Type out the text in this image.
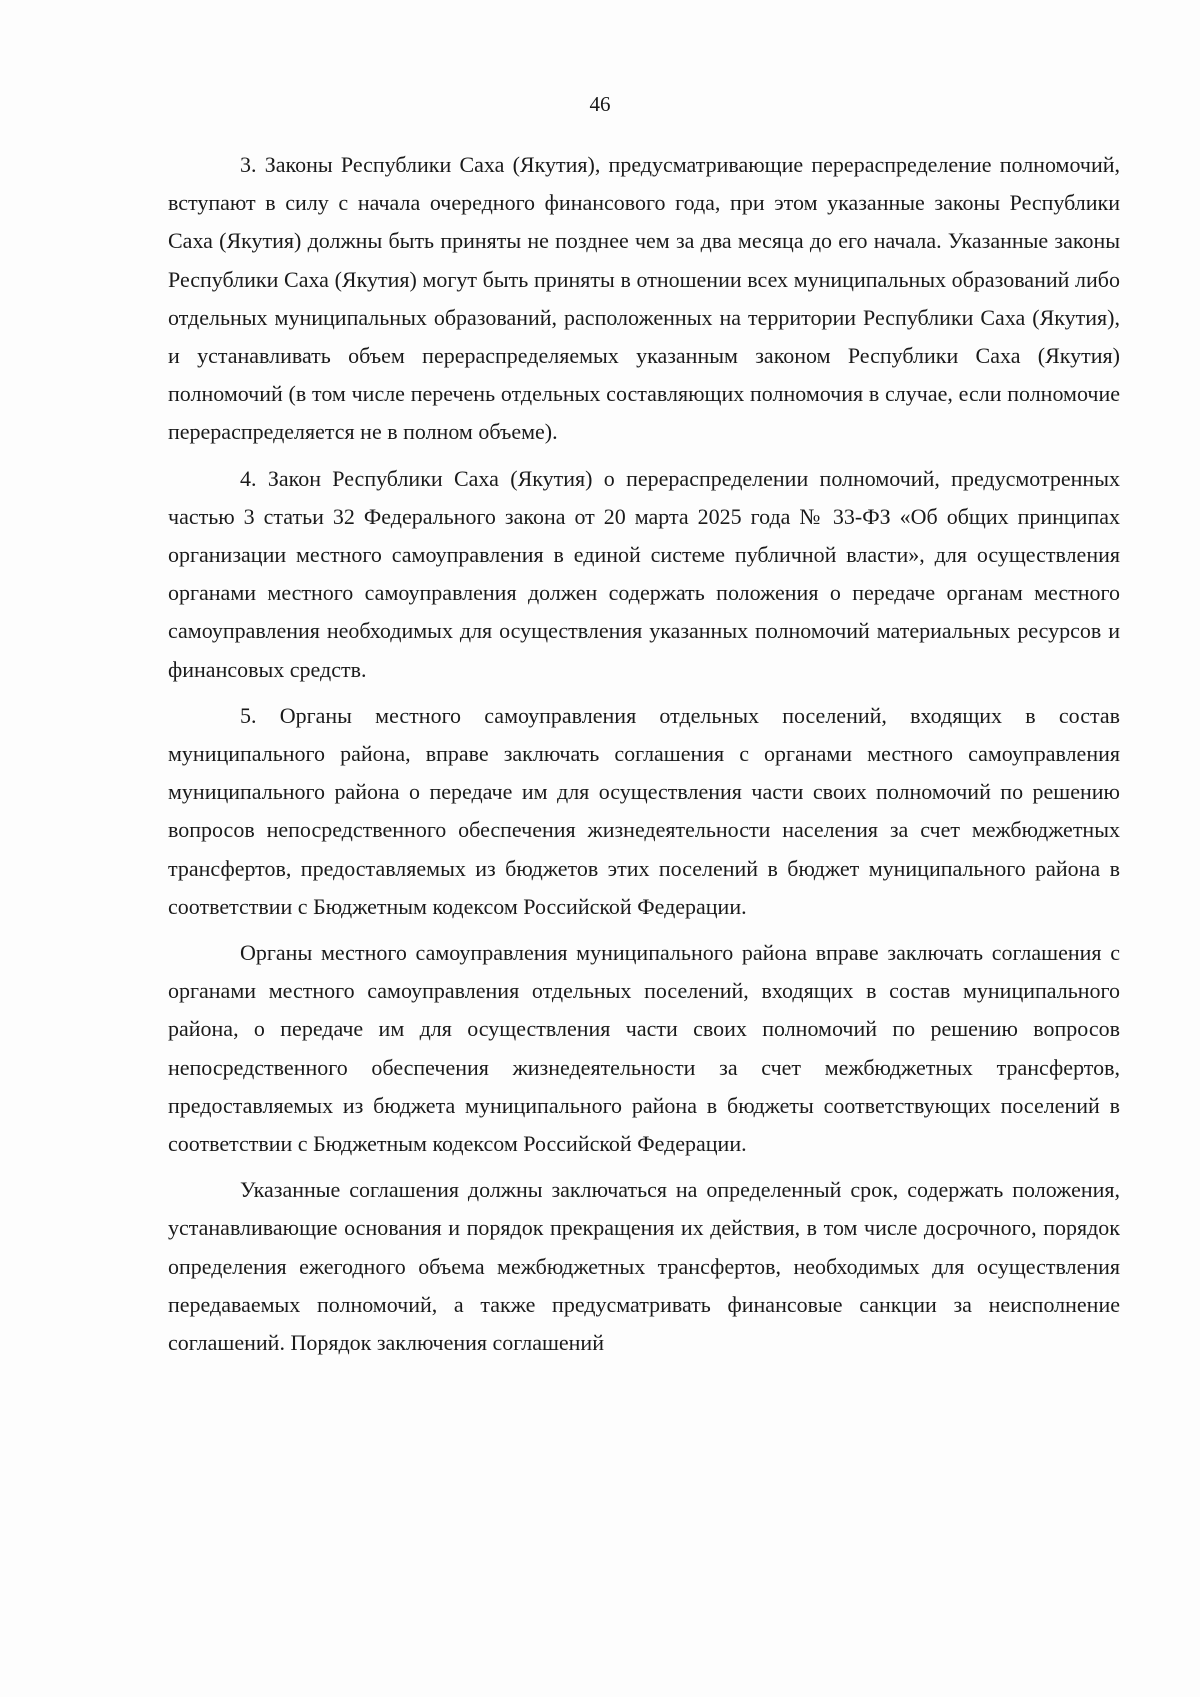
46

3. Законы Республики Саха (Якутия), предусматривающие перераспределение полномочий, вступают в силу с начала очередного финансового года, при этом указанные законы Республики Саха (Якутия) должны быть приняты не позднее чем за два месяца до его начала. Указанные законы Республики Саха (Якутия) могут быть приняты в отношении всех муниципальных образований либо отдельных муниципальных образований, расположенных на территории Республики Саха (Якутия), и устанавливать объем перераспределяемых указанным законом Республики Саха (Якутия) полномочий (в том числе перечень отдельных составляющих полномочия в случае, если полномочие перераспределяется не в полном объеме).

4. Закон Республики Саха (Якутия) о перераспределении полномочий, предусмотренных частью 3 статьи 32 Федерального закона от 20 марта 2025 года № 33-ФЗ «Об общих принципах организации местного самоуправления в единой системе публичной власти», для осуществления органами местного самоуправления должен содержать положения о передаче органам местного самоуправления необходимых для осуществления указанных полномочий материальных ресурсов и финансовых средств.

5. Органы местного самоуправления отдельных поселений, входящих в состав муниципального района, вправе заключать соглашения с органами местного самоуправления муниципального района о передаче им для осуществления части своих полномочий по решению вопросов непосредственного обеспечения жизнедеятельности населения за счет межбюджетных трансфертов, предоставляемых из бюджетов этих поселений в бюджет муниципального района в соответствии с Бюджетным кодексом Российской Федерации.

Органы местного самоуправления муниципального района вправе заключать соглашения с органами местного самоуправления отдельных поселений, входящих в состав муниципального района, о передаче им для осуществления части своих полномочий по решению вопросов непосредственного обеспечения жизнедеятельности за счет межбюджетных трансфертов, предоставляемых из бюджета муниципального района в бюджеты соответствующих поселений в соответствии с Бюджетным кодексом Российской Федерации.

Указанные соглашения должны заключаться на определенный срок, содержать положения, устанавливающие основания и порядок прекращения их действия, в том числе досрочного, порядок определения ежегодного объема межбюджетных трансфертов, необходимых для осуществления передаваемых полномочий, а также предусматривать финансовые санкции за неисполнение соглашений. Порядок заключения соглашений
